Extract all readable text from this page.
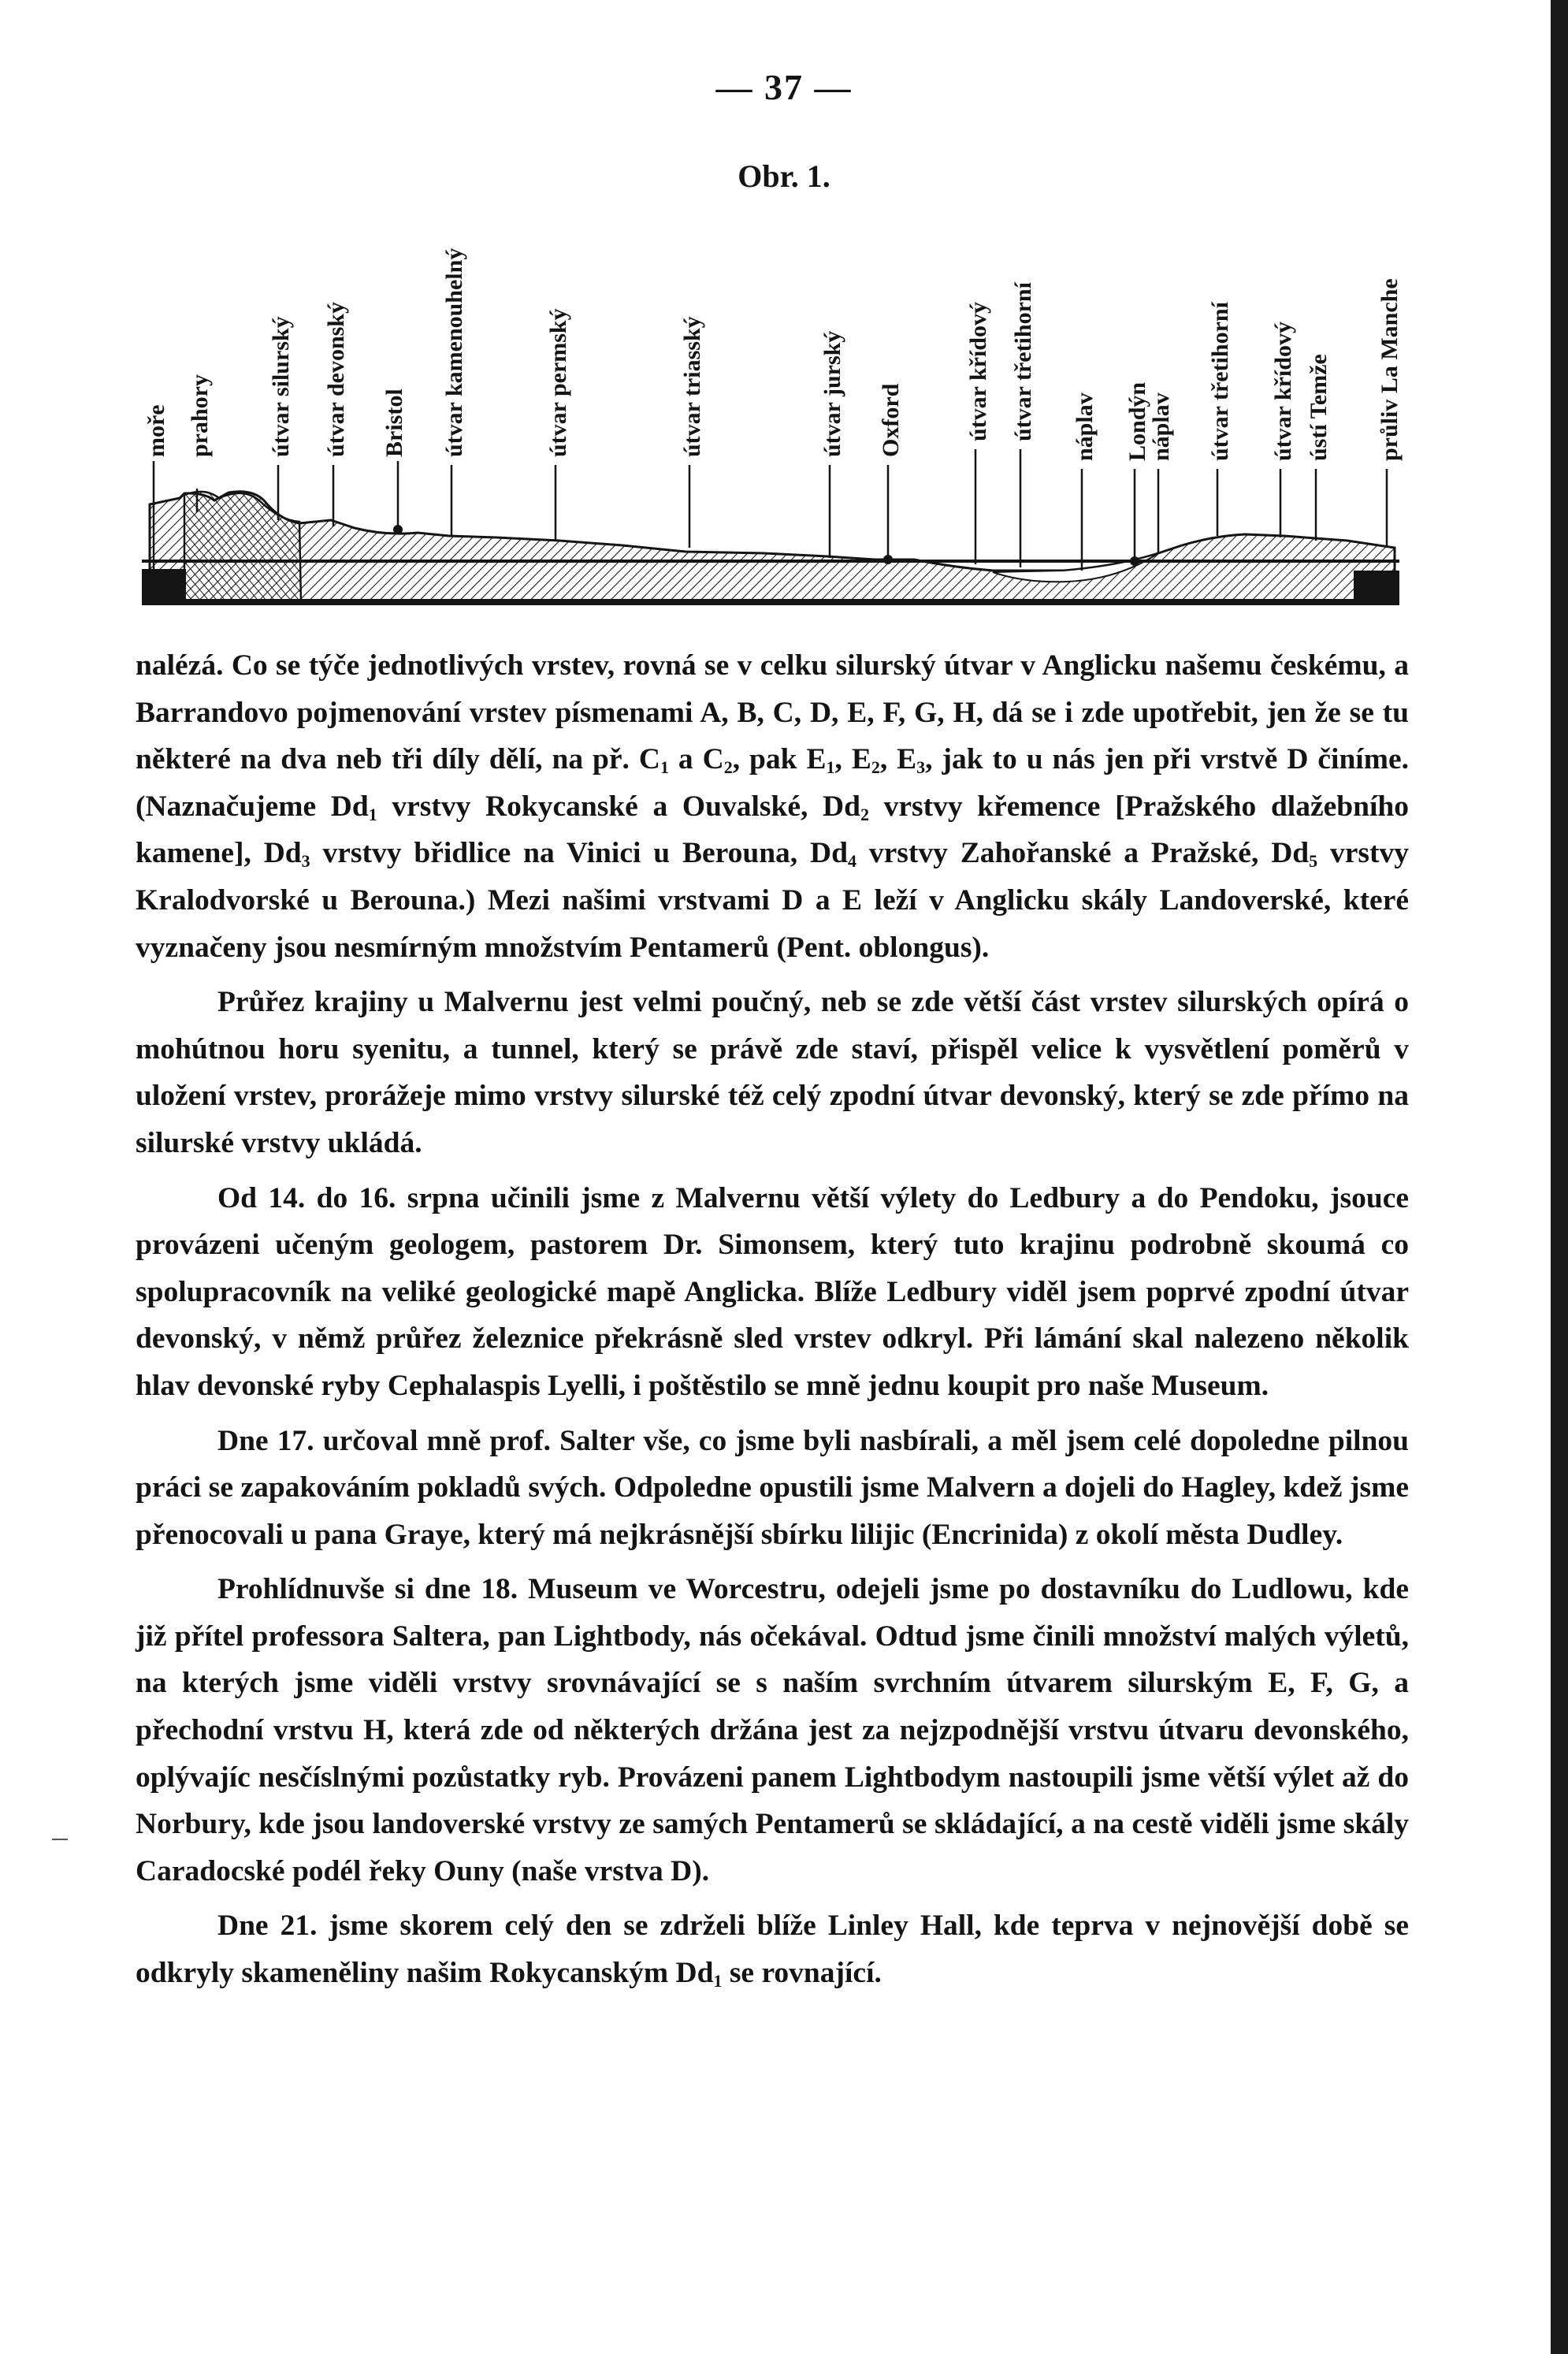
— 37 —
Obr. 1.
moře prahory útvar silurský útvar devonský Bristol útvar kamenouhelný	útvar permský	útvar triasský	útvar jurský Oxford	útvar křídový útvar třetihorní náplav Londýn
náplav útvar třetihorní útvar křídový ústí Temže průliv La Manche

nalézá. Co se týče jednotlivých vrstev, rovná se v celku silurský útvar v Anglicku našemu českému, a Barrandovo pojmenování vrstev písmenami A, B, C, D, E, F, G, H, dá se i zde upotřebit, jen že se tu některé na dva neb tři díly dělí, na př. $C_1$ a $C_2$, pak $E_1$, $E_2$, $E_3$, jak to u nás jen při vrstvě D činíme. (Naznačujeme $Dd_1$ vrstvy Rokycanské a Ouvalské, $Dd_2$ vrstvy křemence [Pražského dlažebního kamene], $Dd_3$ vrstvy břidlice na Vinici u Berouna, $Dd_4$ vrstvy Zahořanské a Pražské, $Dd_5$ vrstvy Kralodvorské u Berouna.) Mezi našimi vrstvami D a E leží v Anglicku skály Landoverské, které vyznačeny jsou nesmírným množstvím Pentamerů (Pent. oblongus).

Průřez krajiny u Malvernu jest velmi poučný, neb se zde větší část vrstev silurských opírá o mohútnou horu syenitu, a tunnel, který se právě zde staví, přispěl velice k vysvětlení poměrů v uložení vrstev, prorážeje mimo vrstvy silurské též celý zpodní útvar devonský, který se zde přímo na silurské vrstvy ukládá.

Od 14. do 16. srpna učinili jsme z Malvernu větší výlety do Ledbury a do Pendoku, jsouce provázeni učeným geologem, pastorem Dr. Simonsem, který tuto krajinu podrobně skoumá co spolupracovník na veliké geologické mapě Anglicka. Blíže Ledbury viděl jsem poprvé zpodní útvar devonský, v němž průřez železnice překrásně sled vrstev odkryl. Při lámání skal nalezeno několik hlav devonské ryby Cephalaspis Lyelli, i poštěstilo se mně jednu koupit pro naše Museum.

Dne 17. určoval mně prof. Salter vše, co jsme byli nasbírali, a měl jsem celé dopoledne pilnou práci se zapakováním pokladů svých. Odpoledne opustili jsme Malvern a dojeli do Hagley, kdež jsme přenocovali u pana Graye, který má nejkrásnější sbírku lilijic (Encrinida) z okolí města Dudley.

Prohlídnuvše si dne 18. Museum ve Worcestru, odejeli jsme po dostavníku do Ludlowu, kde již přítel professora Saltera, pan Lightbody, nás očekával. Odtud jsme činili množství malých výletů, na kterých jsme viděli vrstvy srovnávající se s naším svrchním útvarem silurským E, F, G, a přechodní vrstvu H, která zde od některých držána jest za nejzpodnější vrstvu útvaru devonského, oplývajíc nesčíslnými pozůstatky ryb. Provázeni panem Lightbodym nastoupili jsme větší výlet až do Norbury, kde jsou landoverské vrstvy ze samých Pentamerů se skládající, a na cestě viděli jsme skály Caradocské podél řeky Ouny (naše vrstva D).

Dne 21. jsme skorem celý den se zdrželi blíže Linley Hall, kde teprva v nejnovější době se odkryly skameněliny našim Rokycanským $Dd_1$ se rovnající.
